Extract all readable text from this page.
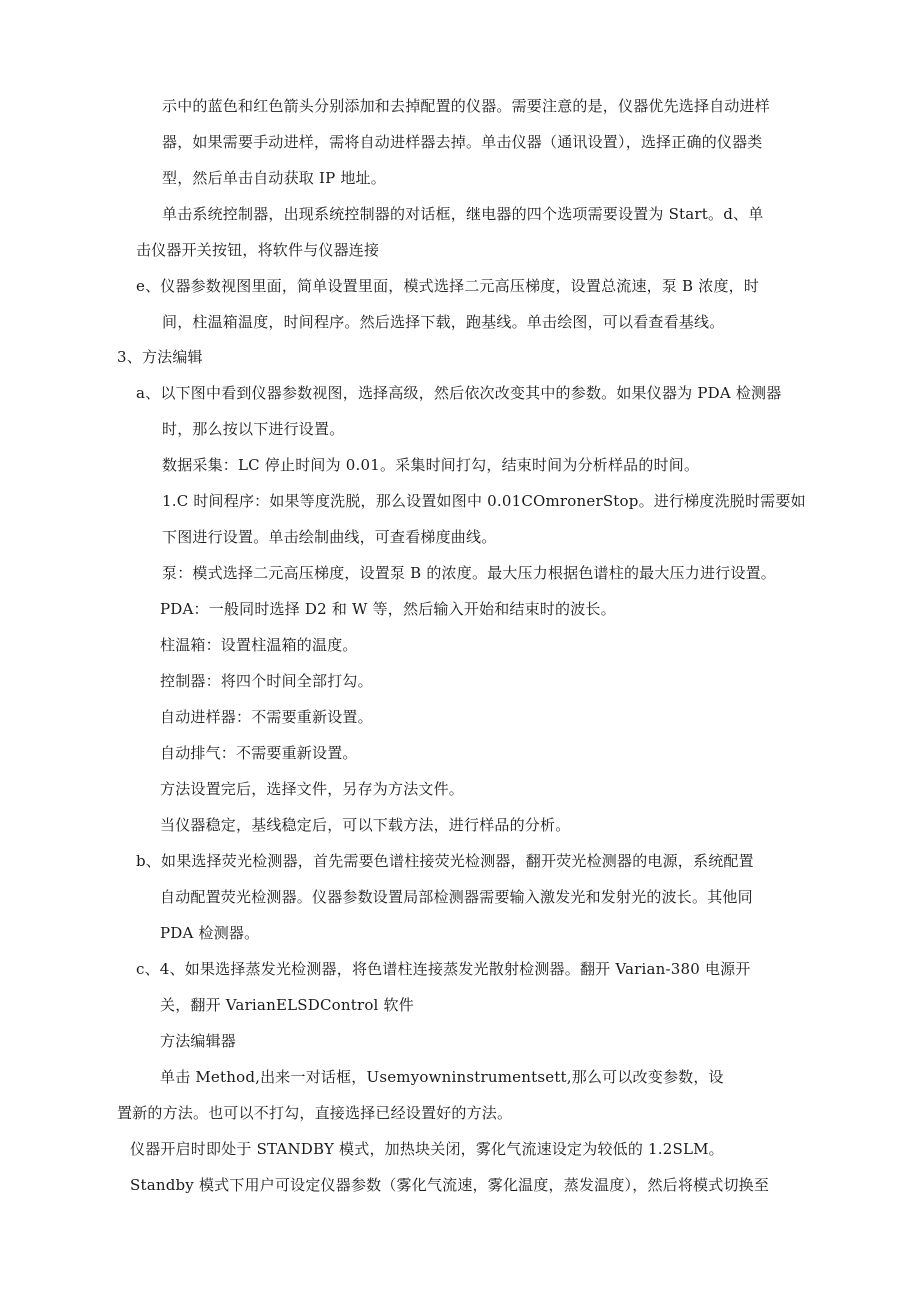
示中的蓝色和红色箭头分别添加和去掉配置的仪器。需要注意的是，仪器优先选择自动进样
器，如果需要手动进样，需将自动进样器去掉。单击仪器（通讯设置），选择正确的仪器类
型，然后单击自动获取 IP 地址。
单击系统控制器，出现系统控制器的对话框，继电器的四个选项需要设置为 Start。d、单
击仪器开关按钮，将软件与仪器连接
e、仪器参数视图里面，简单设置里面，模式选择二元高压梯度，设置总流速，泵 B 浓度，时
间，柱温箱温度，时间程序。然后选择下载，跑基线。单击绘图，可以看查看基线。
3、方法编辑
a、以下图中看到仪器参数视图，选择高级，然后依次改变其中的参数。如果仪器为 PDA 检测器
时，那么按以下进行设置。
数据采集：LC 停止时间为 0.01。采集时间打勾，结束时间为分析样品的时间。
1.C 时间程序：如果等度洗脱，那么设置如图中 0.01COmronerStop。进行梯度洗脱时需要如
下图进行设置。单击绘制曲线，可查看梯度曲线。
泵：模式选择二元高压梯度，设置泵 B 的浓度。最大压力根据色谱柱的最大压力进行设置。
PDA：一般同时选择 D2 和 W 等，然后输入开始和结束时的波长。
柱温箱：设置柱温箱的温度。
控制器：将四个时间全部打勾。
自动进样器：不需要重新设置。
自动排气：不需要重新设置。
方法设置完后，选择文件，另存为方法文件。
当仪器稳定，基线稳定后，可以下载方法，进行样品的分析。
b、如果选择荧光检测器，首先需要色谱柱接荧光检测器，翻开荧光检测器的电源，系统配置
自动配置荧光检测器。仪器参数设置局部检测器需要输入激发光和发射光的波长。其他同
PDA 检测器。
c、4、如果选择蒸发光检测器，将色谱柱连接蒸发光散射检测器。翻开 Varian-380 电源开
关，翻开 VarianELSDControl 软件
方法编辑器
单击 Method,出来一对话框，Usemyowninstrumentsett,那么可以改变参数，设
置新的方法。也可以不打勾，直接选择已经设置好的方法。
仪器开启时即处于 STANDBY 模式，加热块关闭，雾化气流速设定为较低的 1.2SLM。
Standby 模式下用户可设定仪器参数（雾化气流速，雾化温度，蒸发温度），然后将模式切换至
